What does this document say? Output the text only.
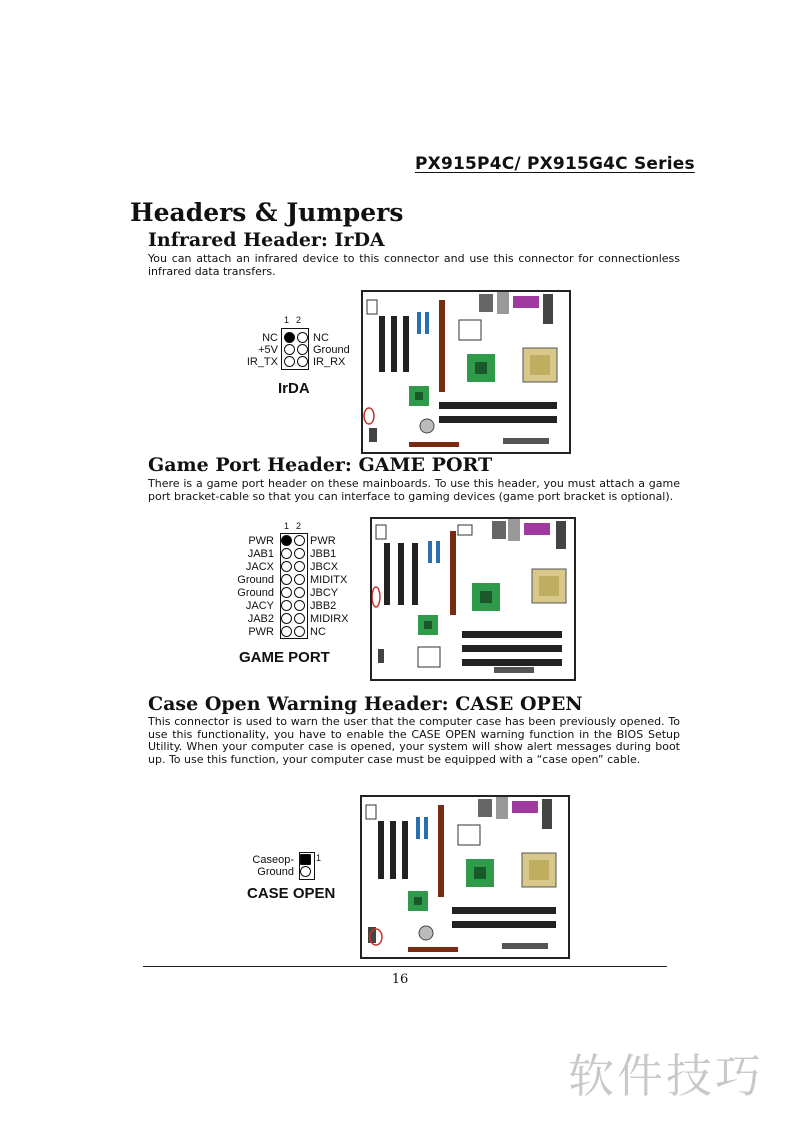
PX915P4C/ PX915G4C Series
Headers & Jumpers
Infrared Header: IrDA
You can attach an infrared device to this connector and use this connector for connectionless infrared data transfers.
1 2
NC	NC
+5V	Ground
IR_TX	IR_RX
IrDA
Game Port Header: GAME PORT
There is a game port header on these mainboards. To use this header, you must attach a game port bracket-cable so that you can interface to gaming devices (game port bracket is optional).
1 2
PWR	PWR
JAB1	JBB1
JACX	JBCX
Ground	MIDITX
Ground	JBCY
JACY	JBB2
JAB2	MIDIRX
PWR	NC
GAME PORT
Case Open Warning Header: CASE OPEN
This connector is used to warn the user that the computer case has been previously opened. To use this functionality, you have to enable the CASE OPEN warning function in the BIOS Setup Utility. When your computer case is opened, your system will show alert messages during boot up. To use this function, your computer case must be equipped with a “case open” cable.
1
Caseop-
Ground
CASE OPEN
16
软件技巧
